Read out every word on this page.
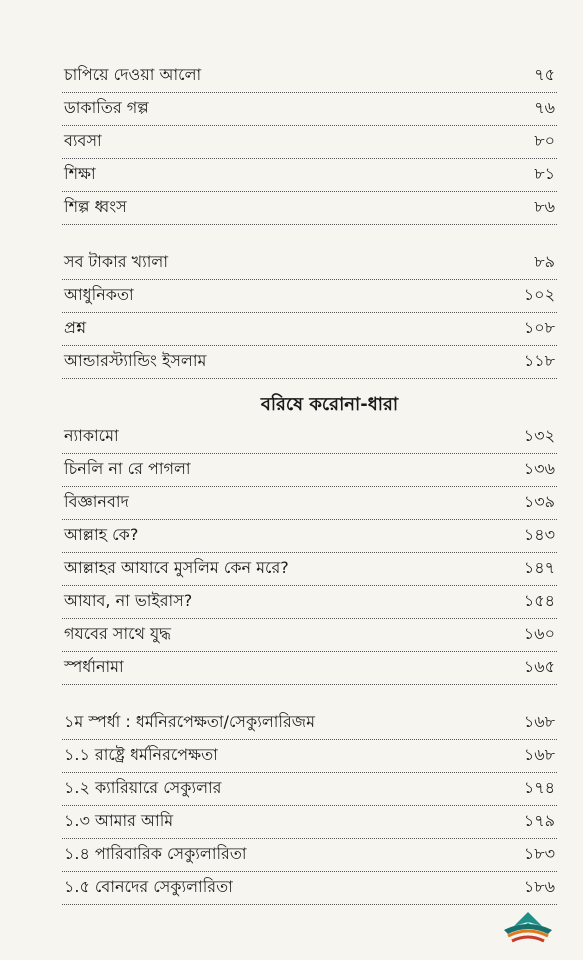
চাপিয়ে দেওয়া আলো	৭৫
ডাকাতির গল্প	৭৬
ব্যবসা	৮০
শিক্ষা	৮১
শিল্প ধ্বংস	৮৬
সব টাকার খ্যালা	৮৯
আধুনিকতা	১০২
প্রশ্ন	১০৮
আন্ডারস্ট্যান্ডিং ইসলাম	১১৮
বরিষে করোনা-ধারা
ন্যাকামো	১৩২
চিনলি না রে পাগলা	১৩৬
বিজ্ঞানবাদ	১৩৯
আল্লাহ কে?	১৪৩
আল্লাহর আযাবে মুসলিম কেন মরে?	১৪৭
আযাব, না ভাইরাস?	১৫৪
গযবের সাথে যুদ্ধ	১৬০
স্পর্ধানামা	১৬৫
১ম স্পর্ধা : ধর্মনিরপেক্ষতা/সেক্যুলারিজম	১৬৮
১.১ রাষ্ট্রে ধর্মনিরপেক্ষতা	১৬৮
১.২ ক্যারিয়ারে সেক্যুলার	১৭৪
১.৩ আমার আমি	১৭৯
১.৪ পারিবারিক সেক্যুলারিতা	১৮৩
১.৫ বোনদের সেক্যুলারিতা	১৮৬
